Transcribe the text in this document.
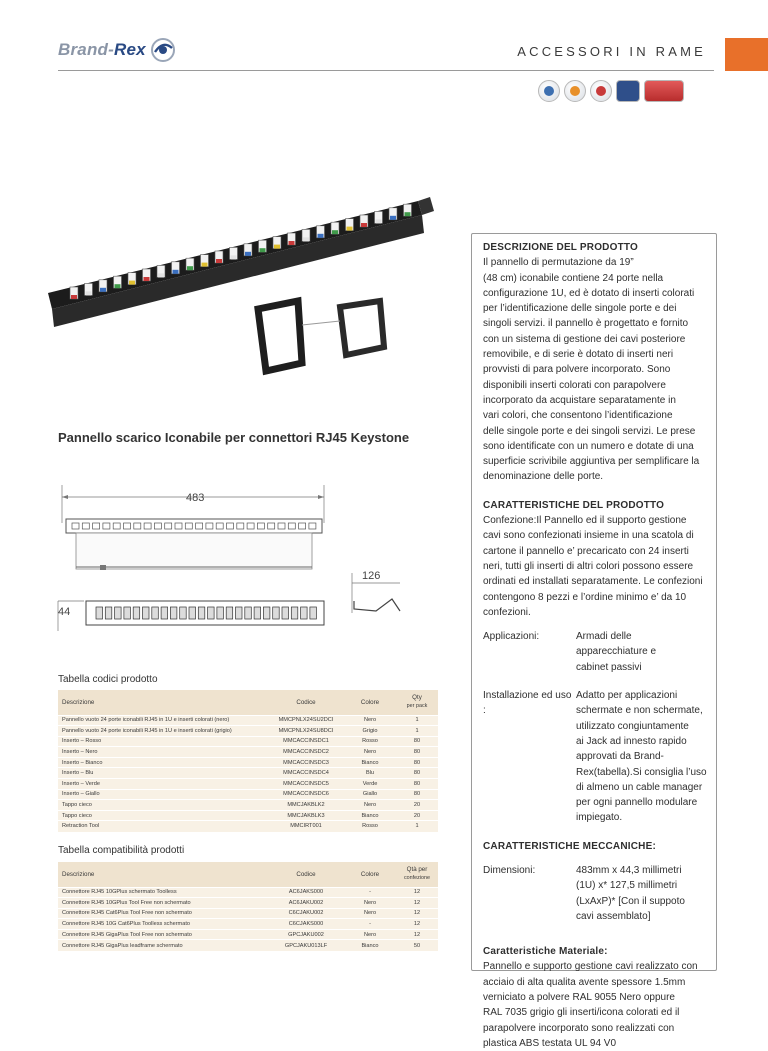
Brand-Rex	ACCESSORI IN RAME
Pannello scarico Iconabile per connettori RJ45 Keystone
483
44
126
DESCRIZIONE DEL PRODOTTO
Il pannello di permutazione da 19”
(48 cm) iconabile contiene 24 porte nella
configurazione 1U, ed è dotato di inserti colorati
per l’identificazione delle singole porte e dei
singoli servizi. il pannello è progettato e fornito
con un sistema di gestione dei cavi posteriore
removibile, e di serie è dotato di inserti neri
provvisti di para polvere incorporato. Sono
disponibili inserti colorati con parapolvere
incorporato da acquistare separatamente in
vari colori, che consentono l’identificazione
delle singole porte e dei singoli servizi. Le prese
sono identificate con un numero e dotate di una
superficie scrivibile aggiuntiva per semplificare la
denominazione delle porte.
CARATTERISTICHE DEL PRODOTTO
Confezione:Il Pannello ed il supporto gestione
cavi sono confezionati insieme in una scatola di
cartone il pannello e’ precaricato con 24 inserti
neri, tutti gli inserti di altri colori possono essere
ordinati ed installati separatamente. Le confezioni
contengono 8 pezzi e l’ordine minimo e’ da 10
confezioni.
Applicazioni:	Armadi delle
apparecchiature e
cabinet passivi
Installazione ed uso :
Adatto per applicazioni
schermate e non schermate,
utilizzato congiuntamente
ai Jack ad innesto rapido
approvati da Brand-
Rex(tabella).Si consiglia l’uso
di almeno un cable manager
per ogni pannello modulare
impiegato.
CARATTERISTICHE MECCANICHE:
Dimensioni:	483mm x 44,3 millimetri
(1U) x* 127,5 millimetri
(LxAxP)* [Con il suppoto
cavi assemblato]
Caratteristiche Materiale:
Pannello e supporto gestione cavi realizzato con
acciaio di alta qualita avente spessore 1.5mm
verniciato a polvere RAL 9055 Nero oppure
RAL 7035 grigio gli inserti/icona colorati ed il
parapolvere incorporato sono realizzati con
plastica ABS testata UL 94 V0
Tabella codici prodotto
Descrizione	Codice	Colore	Qty
per pack

Pannello vuoto 24 porte iconabili RJ45 in 1U e inserti colorati (nero)	MMCPNLX24SU2DCI	Nero	1
Pannello vuoto 24 porte iconabili RJ45 in 1U e inserti colorati (grigio)	MMCPNLX24SU8DCI	Grigio	1
Inserto – Rosso	MMCACCINSDC1	Rosso	80
Inserto – Nero	MMCACCINSDC2	Nero	80
Inserto – Bianco	MMCACCINSDC3	Bianco	80
Inserto – Blu	MMCACCINSDC4	Blu	80
Inserto – Verde	MMCACCINSDC5	Verde	80
Inserto – Giallo	MMCACCINSDC6	Giallo	80
Tappo cieco	MMCJAKBLK2	Nero	20
Tappo cieco	MMCJAKBLK3	Bianco	20
Retraction Tool	MMCIRT001	Rosso	1
Tabella compatibilità prodotti
Descrizione	Codice	Colore	Qtà per
confezione

Connettore RJ45 10GPlus schermato Toolless	AC6JAKS000	-	12
Connettore RJ45 10GPlus Tool Free non schermato	AC6JAKU002	Nero	12
Connettore RJ45 Cat6Plus Tool Free non schermato	C6CJAKU002	Nero	12
Connettore RJ45 10G Cat6Plus Toolless schermato	C6CJAKS000	-	12
Connettore RJ45 GigaPlus Tool Free non schermato	GPCJAKU002	Nero	12
Connettore RJ45 GigaPlus leadframe schermato	GPCJAKU013LF	Bianco	50
